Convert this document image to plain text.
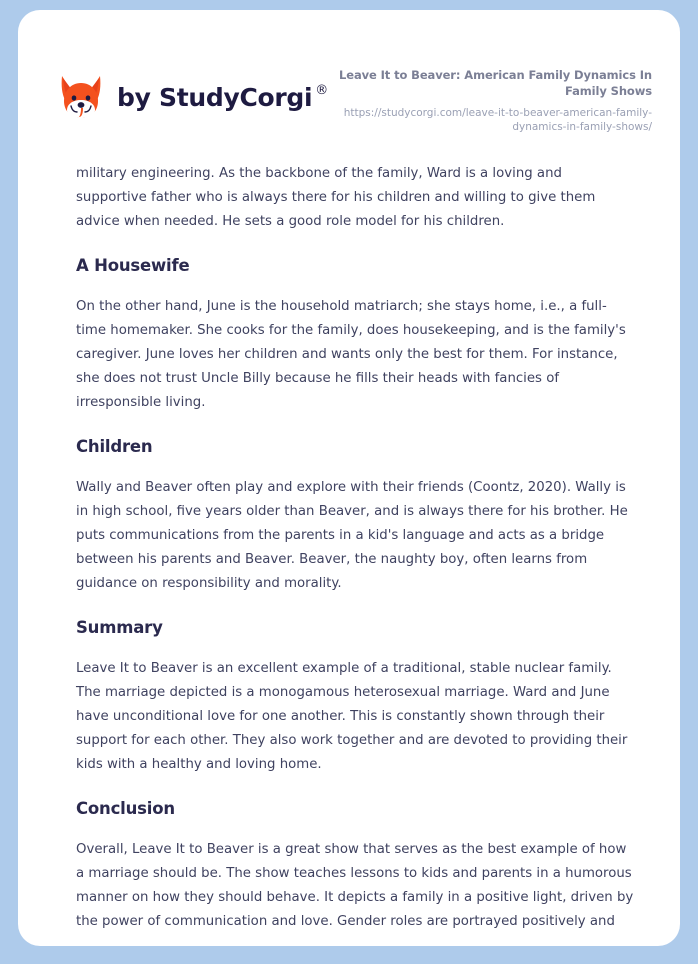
by StudyCorgi ®
Leave It to Beaver: American Family Dynamics In Family Shows
https://studycorgi.com/leave-it-to-beaver-american-family-dynamics-in-family-shows/

military engineering. As the backbone of the family, Ward is a loving and supportive father who is always there for his children and willing to give them advice when needed. He sets a good role model for his children.

A Housewife

On the other hand, June is the household matriarch; she stays home, i.e., a full-time homemaker. She cooks for the family, does housekeeping, and is the family's caregiver. June loves her children and wants only the best for them. For instance, she does not trust Uncle Billy because he fills their heads with fancies of irresponsible living.

Children

Wally and Beaver often play and explore with their friends (Coontz, 2020). Wally is in high school, five years older than Beaver, and is always there for his brother. He puts communications from the parents in a kid's language and acts as a bridge between his parents and Beaver. Beaver, the naughty boy, often learns from guidance on responsibility and morality.

Summary

Leave It to Beaver is an excellent example of a traditional, stable nuclear family. The marriage depicted is a monogamous heterosexual marriage. Ward and June have unconditional love for one another. This is constantly shown through their support for each other. They also work together and are devoted to providing their kids with a healthy and loving home.

Conclusion

Overall, Leave It to Beaver is a great show that serves as the best example of how a marriage should be. The show teaches lessons to kids and parents in a humorous manner on how they should behave. It depicts a family in a positive light, driven by the power of communication and love. Gender roles are portrayed positively and
